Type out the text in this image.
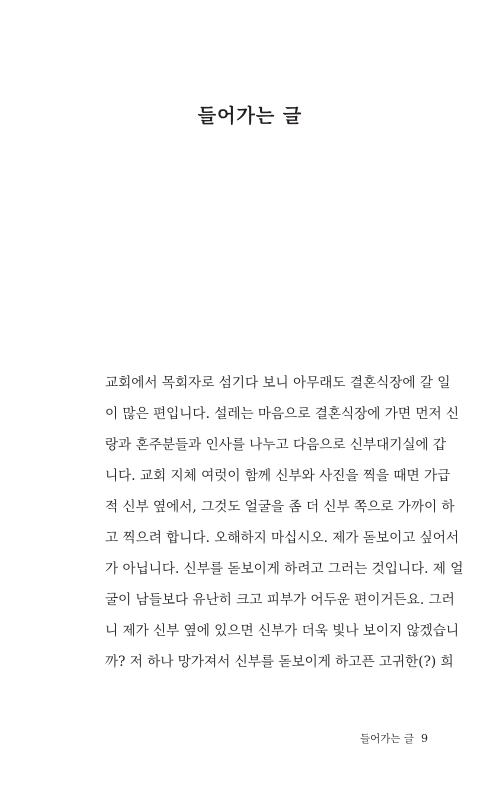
들어가는 글
교회에서 목회자로 섬기다 보니 아무래도 결혼식장에 갈 일
이 많은 편입니다. 설레는 마음으로 결혼식장에 가면 먼저 신
랑과 혼주분들과 인사를 나누고 다음으로 신부대기실에 갑
니다. 교회 지체 여럿이 함께 신부와 사진을 찍을 때면 가급
적 신부 옆에서, 그것도 얼굴을 좀 더 신부 쪽으로 가까이 하
고 찍으려 합니다. 오해하지 마십시오. 제가 돋보이고 싶어서
가 아닙니다. 신부를 돋보이게 하려고 그러는 것입니다. 제 얼
굴이 남들보다 유난히 크고 피부가 어두운 편이거든요. 그러
니 제가 신부 옆에 있으면 신부가 더욱 빛나 보이지 않겠습니
까? 저 하나 망가져서 신부를 돋보이게 하고픈 고귀한(?) 희
들어가는 글 9
